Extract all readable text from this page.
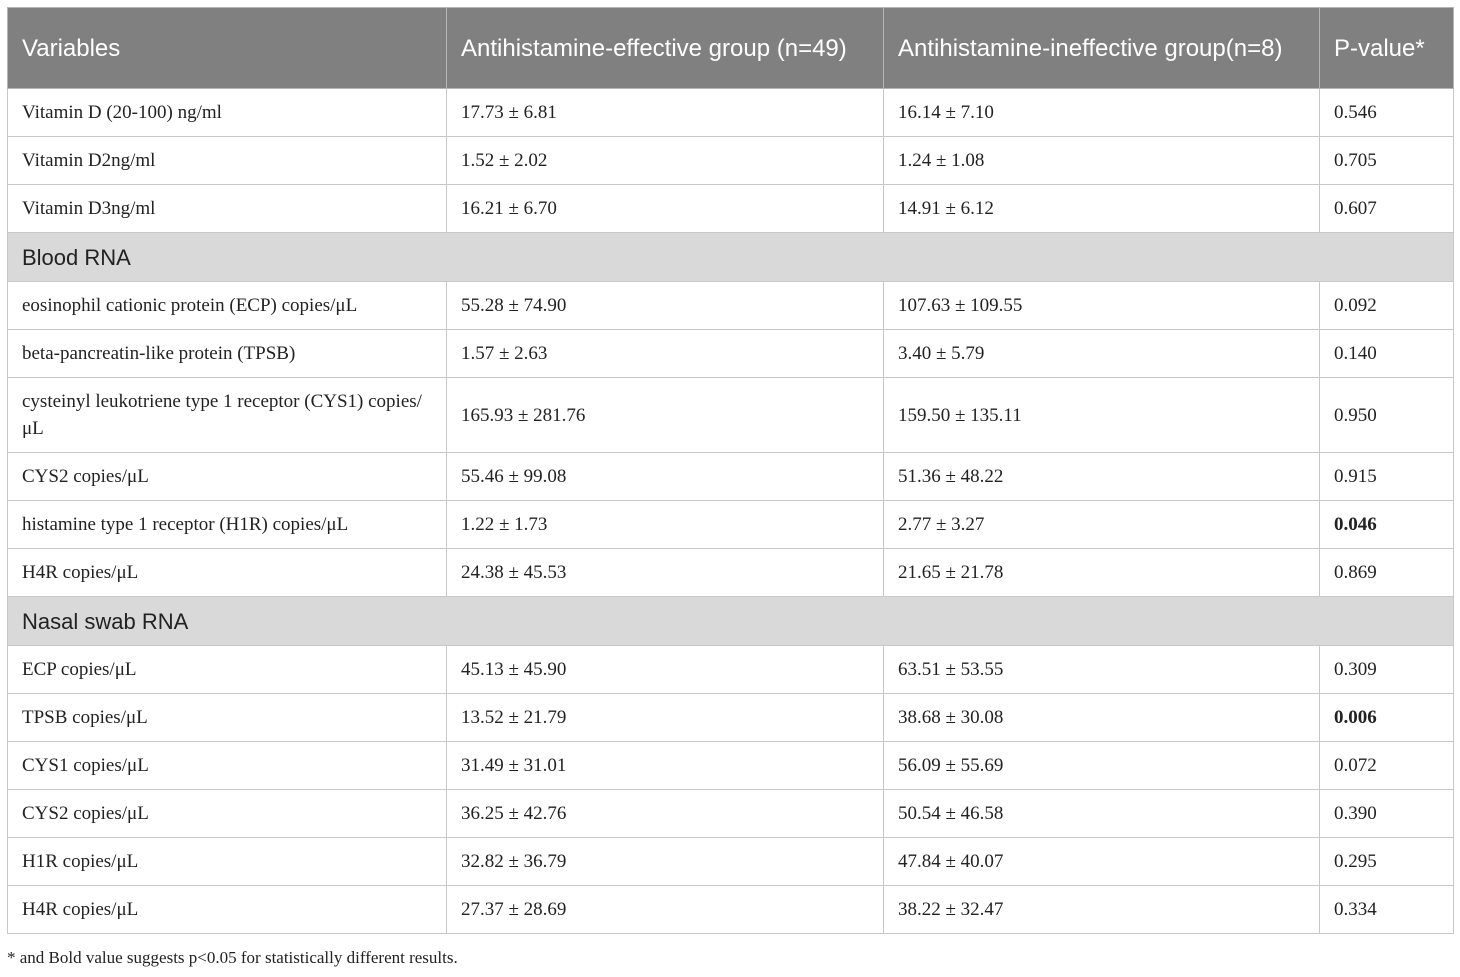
Variables	Antihistamine-effective group (n=49)	Antihistamine-ineffective group(n=8)	P-value*
Vitamin D (20-100) ng/ml	17.73 ± 6.81	16.14 ± 7.10	0.546
Vitamin D2ng/ml	1.52 ± 2.02	1.24 ± 1.08	0.705
Vitamin D3ng/ml	16.21 ± 6.70	14.91 ± 6.12	0.607
Blood RNA			
eosinophil cationic protein (ECP) copies/μL	55.28 ± 74.90	107.63 ± 109.55	0.092
beta-pancreatin-like protein (TPSB)	1.57 ± 2.63	3.40 ± 5.79	0.140
cysteinyl leukotriene type 1 receptor (CYS1) copies/μL	165.93 ± 281.76	159.50 ± 135.11	0.950
CYS2 copies/μL	55.46 ± 99.08	51.36 ± 48.22	0.915
histamine type 1 receptor (H1R) copies/μL	1.22 ± 1.73	2.77 ± 3.27	0.046
H4R copies/μL	24.38 ± 45.53	21.65 ± 21.78	0.869
Nasal swab RNA			
ECP copies/μL	45.13 ± 45.90	63.51 ± 53.55	0.309
TPSB copies/μL	13.52 ± 21.79	38.68 ± 30.08	0.006
CYS1 copies/μL	31.49 ± 31.01	56.09 ± 55.69	0.072
CYS2 copies/μL	36.25 ± 42.76	50.54 ± 46.58	0.390
H1R copies/μL	32.82 ± 36.79	47.84 ± 40.07	0.295
H4R copies/μL	27.37 ± 28.69	38.22 ± 32.47	0.334
* and Bold value suggests p<0.05 for statistically different results.
